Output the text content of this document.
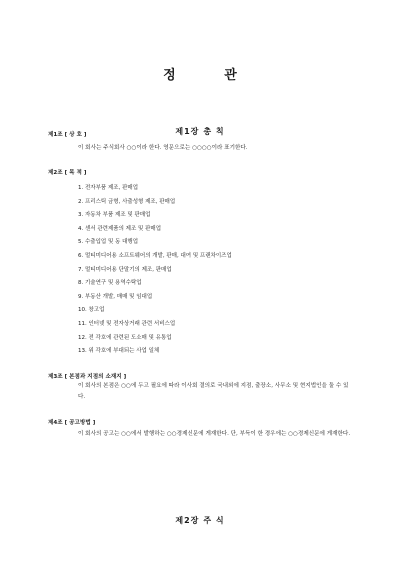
정 관
제1장 총 칙
제1조 [ 상 호 ]
이 회사는 주식회사 ○○이라 한다. 영문으로는 ○○○○이라 표기한다.
제2조 [ 목 적 ]
1. 전자부품 제조, 판매업
2. 프리스틱 금형, 사출성형 제조, 판매업
3. 자동차 부품 제조 및 판매업
4. 센서 관련제품의 제조 및 판매업
5. 수출입업 및 동 대행업
6. 멀티미디어용 소프트웨어의 개발, 판매, 대여 및 프랜차이즈업
7. 멀티미디어용 단말기의 제조, 판매업
8. 기술연구 및 용역수탁업
9. 부동산 개발, 매매 및 임대업
10. 창고업
11. 인터넷 및 전자상거래 관련 서비스업
12. 전 각호에 관련된 도소매 및 유통업
13. 위 각호에 부대되는 사업 일체
제3조 [ 본점과 지점의 소재지 ]
이 회사의 본점은 ○○에 두고 필요에 따라 이사회 결의로 국내외에 지점, 출장소, 사무소 및 현지법인을 둘 수 있다.
제4조 [ 공고방법 ]
이 회사의 공고는 ○○에서 발행하는 ○○경제신문에 게재한다. 단, 부득이 한 경우에는 ○○경제신문에 게재한다.
제2장 주 식
